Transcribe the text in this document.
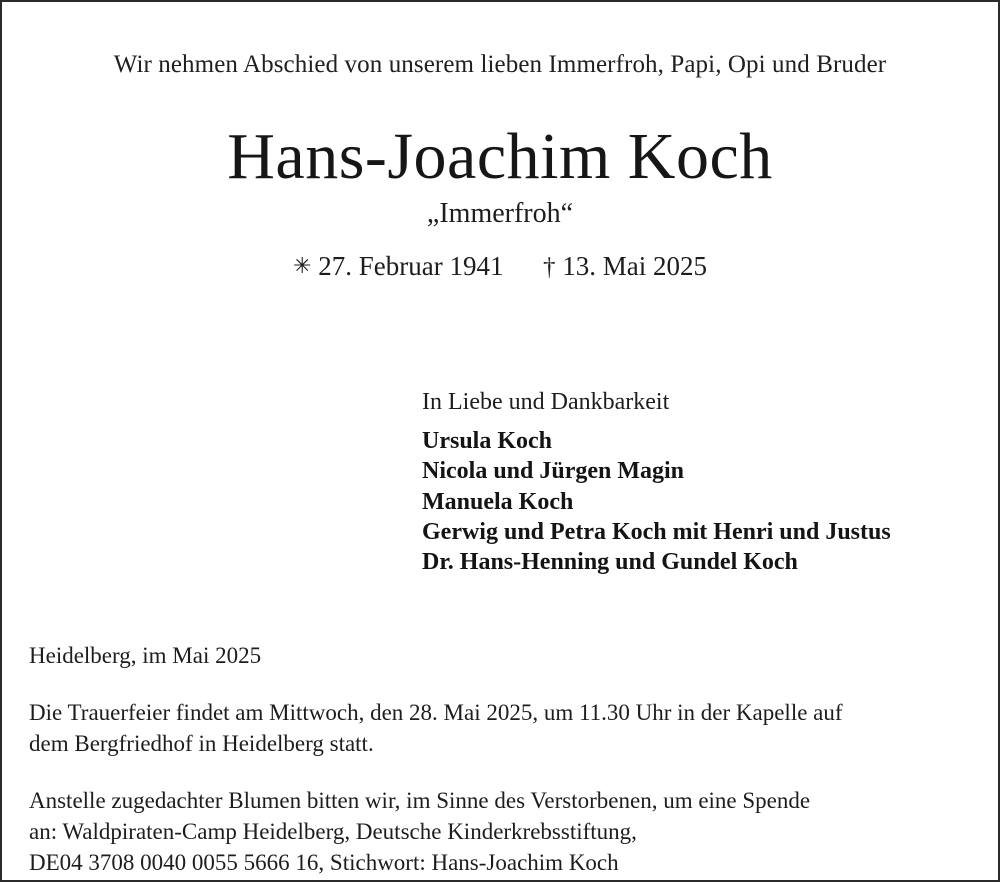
Wir nehmen Abschied von unserem lieben Immerfroh, Papi, Opi und Bruder
Hans-Joachim Koch
„Immerfroh“
✳ 27. Februar 1941 † 13. Mai 2025
In Liebe und Dankbarkeit
Ursula Koch
Nicola und Jürgen Magin
Manuela Koch
Gerwig und Petra Koch mit Henri und Justus
Dr. Hans-Henning und Gundel Koch
Heidelberg, im Mai 2025
Die Trauerfeier findet am Mittwoch, den 28. Mai 2025, um 11.30 Uhr in der Kapelle auf
dem Bergfriedhof in Heidelberg statt.
Anstelle zugedachter Blumen bitten wir, im Sinne des Verstorbenen, um eine Spende
an: Waldpiraten-Camp Heidelberg, Deutsche Kinderkrebsstiftung,
DE04 3708 0040 0055 5666 16, Stichwort: Hans-Joachim Koch
